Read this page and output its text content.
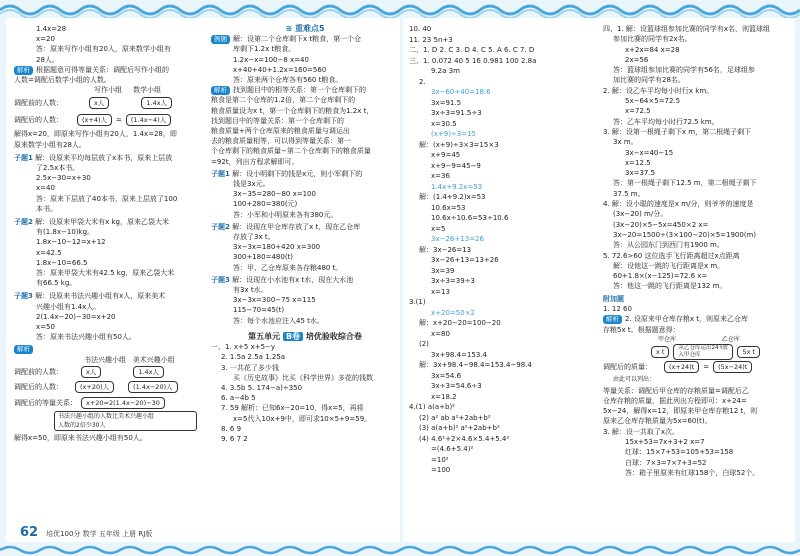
1.4x=28
x=20
答：原来写作小组有20人，原来数学小组有
28人。
解析 根据题意可得等量关系：调配后写作小组的
人数=调配后数学小组的人数。
写作小组 数学小组
调配前的人数：	x人	1.4x人
调配后的人数：	(x+4)人	=	(1.4x−4)人
解得x=20，即原来写作小组有20人，1.4x=28，即
原来数学小组有28人。
子题1 解：设原来平均每层放了x本书，原来上层放
了2.5x本书。
2.5x−30=x+30
x=40
答：原来下层放了40本书，原来上层放了100
本书。
子题2 解：设原来甲袋大米有x kg，原来乙袋大米
有(1.8x−10)kg。
1.8x−10−12=x+12
x=42.5
1.8x−10=66.5
答：原来甲袋大米有42.5 kg，原来乙袋大米
有66.5 kg。
子题3 解：设原来书法兴趣小组有x人，原来美术
兴趣小组有1.4x人。
2(1.4x−20)−30=x+20
x=50
答：原来书法兴趣小组有50人。
解析
书法兴趣小组 美术兴趣小组
调配前的人数：	x人	1.4x人
调配后的人数：	(x+20)人	(1.4x−20)人
调配后的等量关系：	x+20=2(1.4x−20)−30
书法兴趣小组的人数比美术兴趣小组
人数的2倍少30人
解得x=50，即原来书法兴趣小组有50人。
≋ 重难点5
例题 解：设第二个仓库剩下x t粮食，第一个仓
库剩下1.2x t粮食。
1.2x−x=100−8 x=40
x+40+40+1.2x=160=560
答：原来两个仓库各有560 t粮食。
解析 找到题目中的相等关系：第一个仓库剩下的
粮食是第二个仓库的1.2倍，第二个仓库剩下的
粮食质量设为x t，第一个仓库剩下的粮食为1.2x t，
找到题目中的等量关系：第一个仓库剩下的
粮食质量+两个仓库原来的粮食质量与调运出
去的粮食质量相等，可以得到等量关系：第一
个仓库剩下的粮食质量−第二个仓库剩下的粮食质量
=92t，列出方程求解即可。
子题1 解：设小明剩下的钱是x元，则小军剩下的
钱是3x元。
3x−35=280−80 x=100
100+280=380(元)
答：小军和小明原来各有380元。
子题2 解：设现在甲仓库存放了x t，现在乙仓库
存放了3x t。
3x−3x=180+420 x=300
300+180=480(t)
答：甲、乙仓库原来各存粮480 t。
子题3 解：设现在小水池有x t水，现在大水池
有3x t水。
3x−3x=300−75 x=115
115−70=45(t)
答：每个水池应注入45 t水。
第五单元 B卷 培优验收综合卷
一、1. x+5 x+5−y
2. 1.5a 2.5a 1.25a
3. 一共花了多少钱
买《历史故事》比买《科学世界》多花的钱数
4. 3.5b 5. 174−a)÷350
6. a−4b 5
7. 59 解析：已知6x−20=10，得x=5，再将
x=5代入10x+9中，即可求10×5+9=59。
8. 6 9
9. 6 7 2
62 培优100分 数学 五年级 上册 RJ版
10. 40
11. 23 5n+3
二、1. D 2. C 3. D 4. C 5. A 6. C 7. D
三、1. 0.072 40 5 16 0.981 100 2.8a
9.2a 3m
2.
3x−60+40=18.6
3x=91.5
3x÷3=91.5÷3
x=30.5
(x+9)÷3=15
解：(x+9)÷3×3=15×3
x+9=45
x+9−9=45−9
x=36
1.4x+9.2x=53
解：(1.4+9.2)x=53
10.6x=53
10.6x÷10.6=53÷10.6
x=5
3x−26+13=26
解：3x−26=13
3x−26+13=13+26
3x=39
3x÷3=39÷3
x=13
3.(1)
x+20=50×2
解：x+20−20=100−20
x=80
(2)
3x+98.4=153.4
解：3x+98.4−98.4=153.4−98.4
3x=54.6
3x÷3=54.6÷3
x=18.2
4.(1) a(a+b)²
(2) a² ab a²+2ab+b²
(3) a(a+b)² a²+2ab+b²
(4) 4.6²+2×4.6×5.4+5.4²
=(4.6+5.4)²
=10²
=100
四、1. 解：设篮球组参加比赛的同学有x名，则篮球组
参加比赛的同学有2x名。
x+2x=84 x=28
2x=56
答：篮球组参加比赛的同学有56名，足球组参
加比赛的同学有28名。
2. 解：设乙车平均每小时行x km。
5x−64×5=72.5
x=72.5
答：乙车平均每小时行72.5 km。
3. 解：设第一根绳子剩下x m，第二根绳子剩下
3x m。
3x−x=40−15
x=12.5
3x=37.5
答：第一根绳子剩下12.5 m，第二根绳子剩下
37.5 m。
4. 解：设小聪的速度是x m/分，则爷爷的速度是
(3x−20) m/分。
(3x−20)×5−5x=450×2 x=
3x−20=1500÷(3×100−20)×5=1900(m)
答：从公园东门到西门有1900 m。
5. 72.6>60 这位选手飞行距离超过x点距离
解：设他这一跳的飞行距离是x m。
60+1.8×(x−125)=72.6 x=
答：他这一跳的飞行距离是132 m。
附加题
1. 12 60
解析 2. 设原来甲仓库存粮x t，则原来乙仓库
存粮5x t。根据题意得：
甲仓库	乙仓库
x t	从乙仓库运出24 t放入甲仓库	5x t
调配后的质量：	(x+24)t	=	(5x−24)t
由此可以列出：
等量关系：调配后甲仓库的存粮质量=调配后乙
仓库存粮的质量，据此列出方程即可：x+24=
5x−24，解得x=12，即原来甲仓库存粮12 t，则
原来乙仓库存粮质量为5x=60(t)。
3. 解：设一共取了x次。
15x+53=7x+3+2 x=7
红球：15×7+53=105+53=158
白球：7×3=7×7+3=52
答：箱子里原来有红球158个，白球52个。
